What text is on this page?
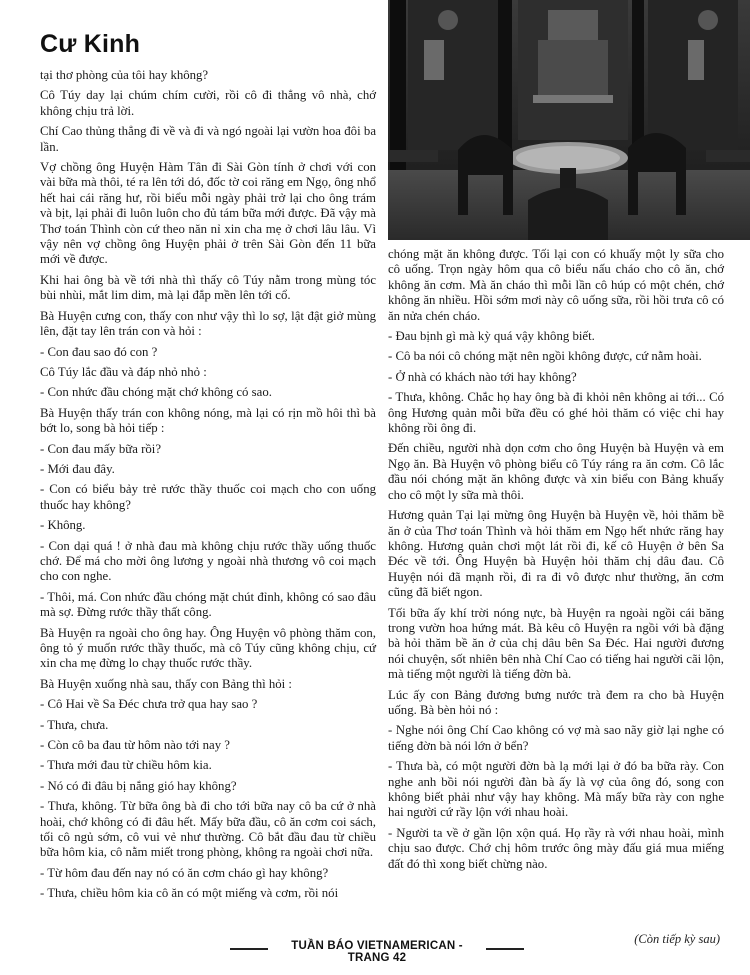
Cư Kinh

tại thơ phòng của tôi hay không?

Cô Túy day lại chúm chím cười, rồi cô đi thẳng vô nhà, chớ không chịu trả lời.

Chí Cao thủng thẳng đi về và đi và ngó ngoài lại vườn hoa đôi ba lần.

Vợ chồng ông Huyện Hàm Tân đi Sài Gòn tính ở chơi với con vài bữa mà thôi, té ra lên tới dó, đốc tờ coi răng em Ngọ, ông nhổ hết hai cái răng hư, rồi biểu mỗi ngày phải trở lại cho ông trám và bịt, lại phải đi luôn luôn cho đủ tám bữa mới được. Đã vậy mà Thơ toán Thình còn cứ theo năn nỉ xin cha mẹ ở chơi lâu lâu. Vì vậy nên vợ chồng ông Huyện phải ở trên Sài Gòn đến 11 bữa mới về được.

Khi hai ông bà về tới nhà thì thấy cô Túy nằm trong mùng tóc bùi nhùi, mắt lim dim, mà lại đắp mền lên tới cổ.

Bà Huyện cưng con, thấy con như vậy thì lo sợ, lật đật giở mùng lên, đặt tay lên trán con và hỏi :

- Con đau sao đó con ?

Cô Túy lắc đầu và đáp nhỏ nhỏ :

- Con nhức đầu chóng mặt chớ không có sao.

Bà Huyện thấy trán con không nóng, mà lại có rịn mồ hôi thì bà bớt lo, song bà hỏi tiếp :

- Con đau mấy bữa rồi?

- Mới đau đây.

- Con có biểu bảy trẻ rước thầy thuốc coi mạch cho con uống thuốc hay không?

- Không.

- Con dại quá ! ở nhà đau mà không chịu rước thầy uống thuốc chớ. Để má cho mời ông lương y ngoài nhà thương vô coi mạch cho con nghe.

- Thôi, má. Con nhức đầu chóng mặt chút đỉnh, không có sao đâu mà sợ. Đừng rước thầy thất công.

Bà Huyện ra ngoài cho ông hay. Ông Huyện vô phòng thăm con, ông tỏ ý muốn rước thầy thuốc, mà cô Túy cũng không chịu, cứ xin cha mẹ đừng lo chạy thuốc rước thầy.

Bà Huyện xuống nhà sau, thấy con Bảng thì hỏi :

- Cô Hai về Sa Đéc chưa trở qua hay sao ?

- Thưa, chưa.

- Còn cô ba đau từ hôm nào tới nay ?

- Thưa mới đau từ chiều hôm kia.

- Nó có đi đâu bị nắng gió hay không?

- Thưa, không. Từ bữa ông bà đi cho tới bữa nay cô ba cứ ở nhà hoài, chớ không có đi đâu hết. Mấy bữa đầu, cô ăn cơm coi sách, tối cô ngủ sớm, cô vui vẻ như thường. Cô bắt đầu đau từ chiều bữa hôm kia, cô nằm miết trong phòng, không ra ngoài chơi nữa.

- Từ hôm đau đến nay nó có ăn cơm cháo gì hay không?

- Thưa, chiều hôm kia cô ăn có một miếng và cơm, rồi nói

chóng mặt ăn không được. Tối lại con có khuấy một ly sữa cho cô uống. Trọn ngày hôm qua cô biểu nấu cháo cho cô ăn, chớ không ăn cơm. Mà ăn cháo thì mỗi lần cô húp có một chén, chớ không ăn nhiều. Hồi sớm mơi này cô uống sữa, rồi hồi trưa cô có ăn nửa chén cháo.

- Đau bịnh gì mà kỳ quá vậy không biết.

- Cô ba nói cô chóng mặt nên ngồi không được, cứ nằm hoài.

- Ở nhà có khách nào tới hay không?

- Thưa, không. Chắc họ hay ông bà đi khỏi nên không ai tới... Có ông Hương quản mỗi bữa đều có ghé hỏi thăm có việc chi hay không rồi ông đi.

Đến chiều, người nhà dọn cơm cho ông Huyện bà Huyện và em Ngọ ăn. Bà Huyện vô phòng biểu cô Túy ráng ra ăn cơm. Cô lắc đầu nói chóng mặt ăn không được và xin biểu con Bảng khuấy cho cô một ly sữa mà thôi.

Hương quản Tại lại mừng ông Huyện bà Huyện về, hỏi thăm bề ăn ở của Thơ toán Thình và hỏi thăm em Ngọ hết nhức răng hay không. Hương quản chơi một lát rồi đi, kế cô Huyện ở bên Sa Đéc về tới. Ông Huyện bà Huyện hỏi thăm chị dâu đau. Cô Huyện nói đã mạnh rồi, đi ra đi vô được như thường, ăn cơm cũng đã biết ngon.

Tối bữa ấy khí trời nóng nực, bà Huyện ra ngoài ngồi cái băng trong vườn hoa hứng mát. Bà kêu cô Huyện ra ngồi với bà đặng bà hỏi thăm bề ăn ở của chị dâu bên Sa Đéc. Hai người đương nói chuyện, sốt nhiên bên nhà Chí Cao có tiếng hai người cãi lộn, mà tiếng một người là tiếng đờn bà.

Lúc ấy con Bảng đương bưng nước trà đem ra cho bà Huyện uống. Bà bèn hỏi nó :

- Nghe nói ông Chí Cao không có vợ mà sao nãy giờ lại nghe có tiếng đờn bà nói lớn ở bển?

- Thưa bà, có một người đờn bà lạ mới lại ở đó ba bữa rày. Con nghe anh bồi nói người đàn bà ấy là vợ của ông đó, song con không biết phải như vậy hay không. Mà mấy bữa rày con nghe hai người cứ rầy lộn với nhau hoài.

- Người ta về ở gần lộn xộn quá. Họ rầy rà với nhau hoài, mình chịu sao được. Chớ chị hôm trước ông mày đấu giá mua miếng đất đó thì xong biết chừng nào.

TUẦN BÁO VIETNAMERICAN - TRANG 42
(Còn tiếp kỳ sau)
